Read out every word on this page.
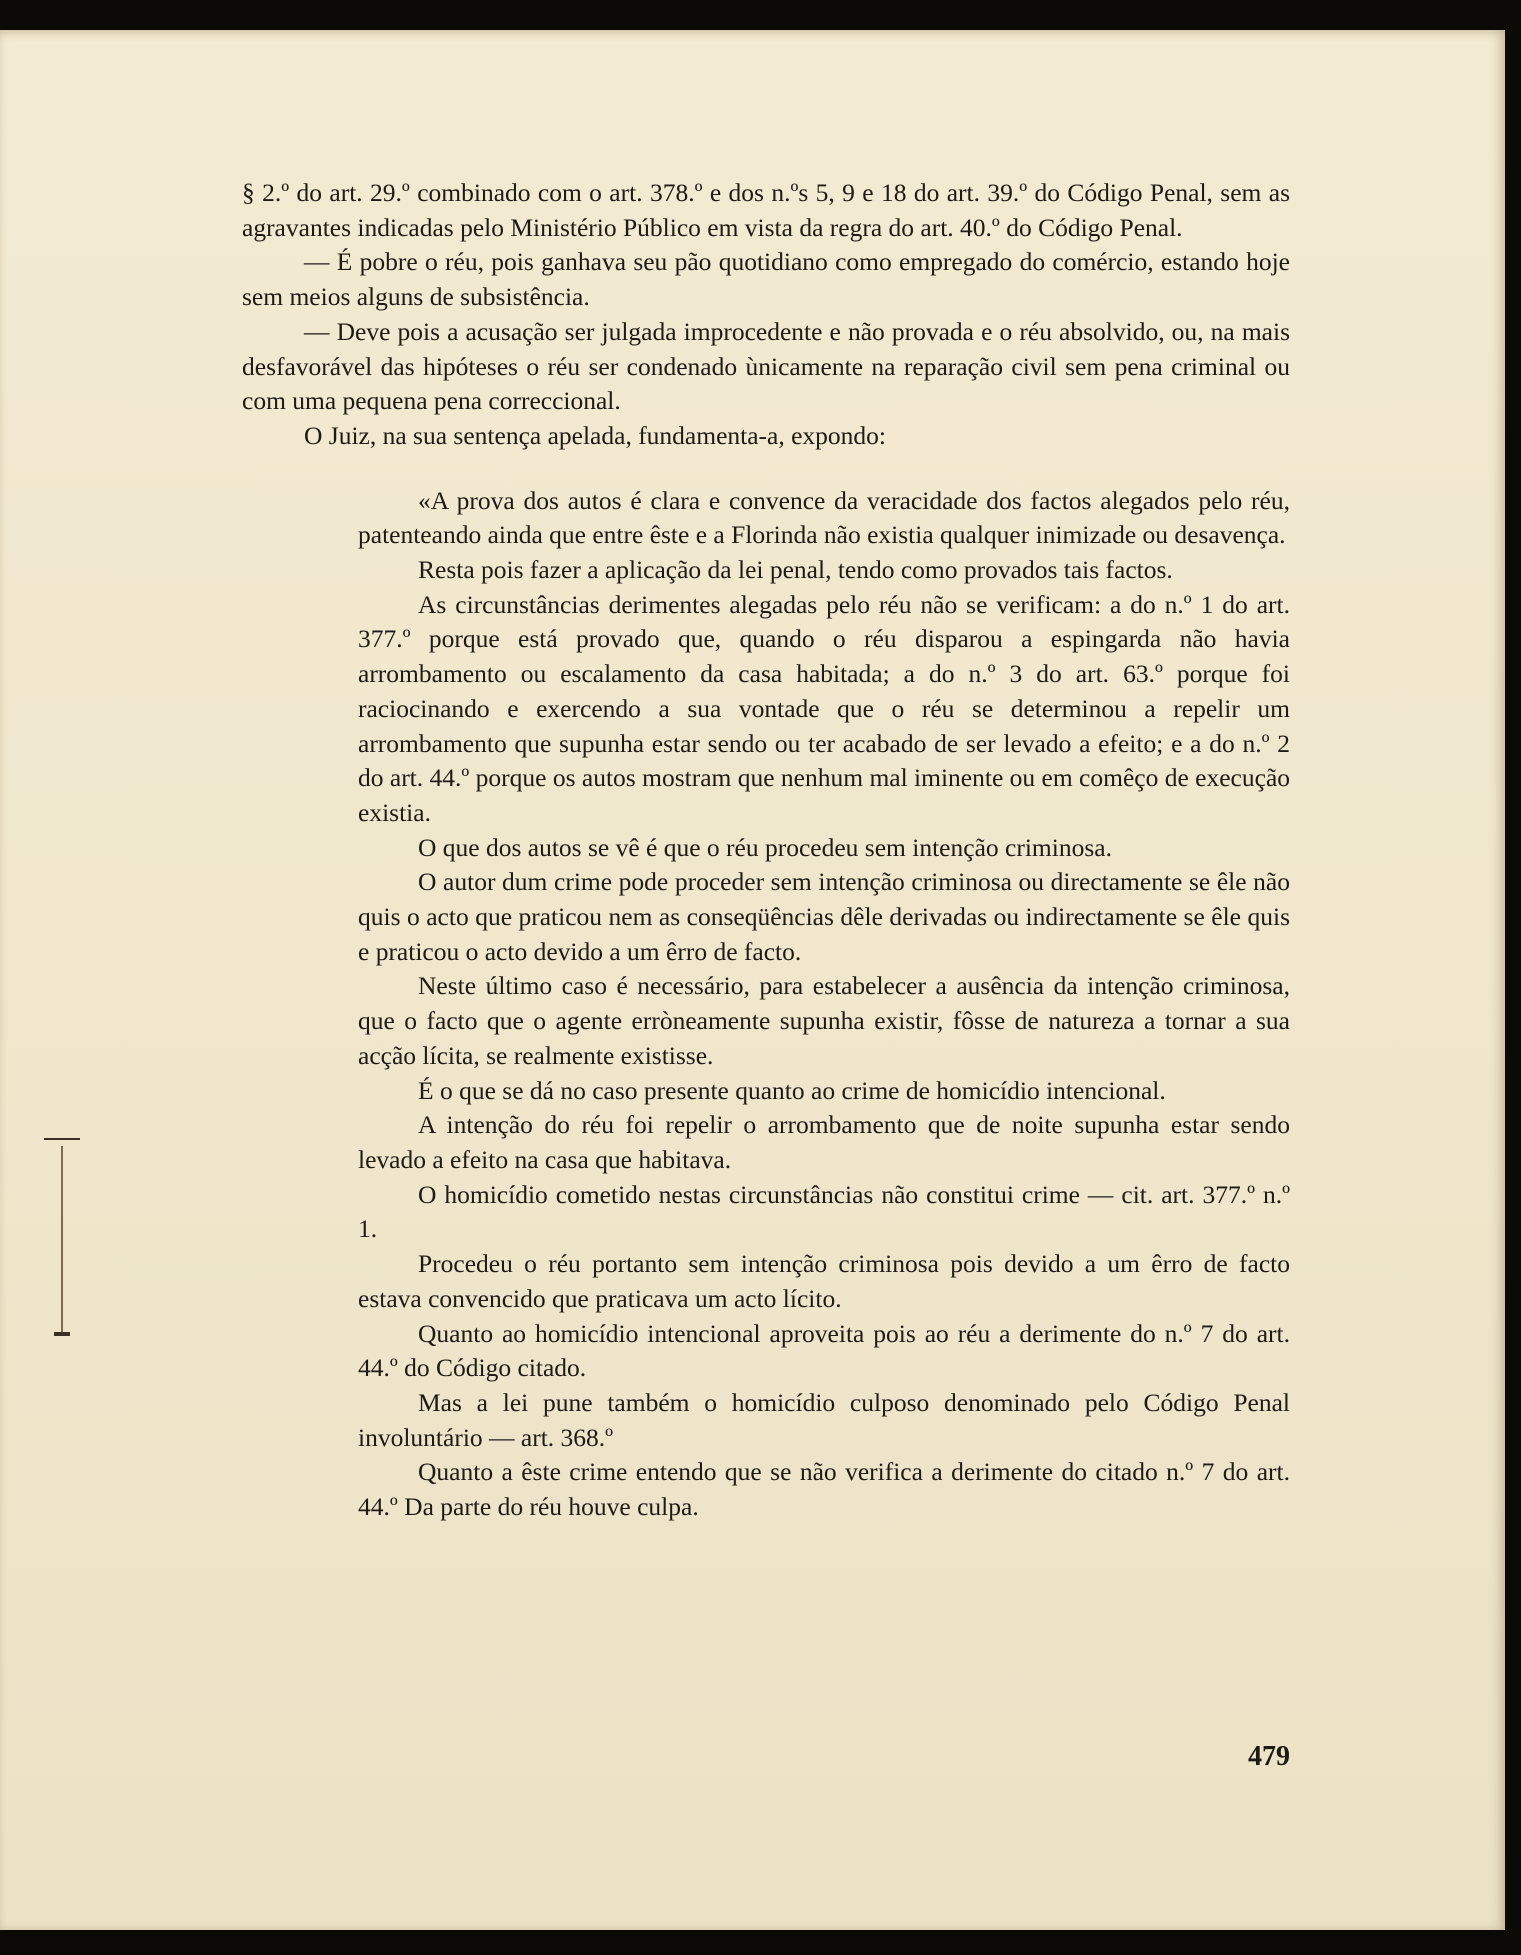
§ 2.º do art. 29.º combinado com o art. 378.º e dos n.ºs 5, 9 e 18 do art. 39.º do Código Penal, sem as agravantes indicadas pelo Ministério Público em vista da regra do art. 40.º do Código Penal.

— É pobre o réu, pois ganhava seu pão quotidiano como empregado do comércio, estando hoje sem meios alguns de subsistência.

— Deve pois a acusação ser julgada improcedente e não provada e o réu absolvido, ou, na mais desfavorável das hipóteses o réu ser condenado ùnicamente na reparação civil sem pena criminal ou com uma pequena pena correccional.

O Juiz, na sua sentença apelada, fundamenta-a, expondo:

«A prova dos autos é clara e convence da veracidade dos factos alegados pelo réu, patenteando ainda que entre êste e a Florinda não existia qualquer inimizade ou desavença.

Resta pois fazer a aplicação da lei penal, tendo como provados tais factos.

As circunstâncias derimentes alegadas pelo réu não se verificam: a do n.º 1 do art. 377.º porque está provado que, quando o réu disparou a espingarda não havia arrombamento ou escalamento da casa habitada; a do n.º 3 do art. 63.º porque foi raciocinando e exercendo a sua vontade que o réu se determinou a repelir um arrombamento que supunha estar sendo ou ter acabado de ser levado a efeito; e a do n.º 2 do art. 44.º porque os autos mostram que nenhum mal iminente ou em comêço de execução existia.

O que dos autos se vê é que o réu procedeu sem intenção criminosa.

O autor dum crime pode proceder sem intenção criminosa ou directamente se êle não quis o acto que praticou nem as conseqüências dêle derivadas ou indirectamente se êle quis e praticou o acto devido a um êrro de facto.

Neste último caso é necessário, para estabelecer a ausência da intenção criminosa, que o facto que o agente erròneamente supunha existir, fôsse de natureza a tornar a sua acção lícita, se realmente existisse.

É o que se dá no caso presente quanto ao crime de homicídio intencional.

A intenção do réu foi repelir o arrombamento que de noite supunha estar sendo levado a efeito na casa que habitava.

O homicídio cometido nestas circunstâncias não constitui crime — cit. art. 377.º n.º 1.

Procedeu o réu portanto sem intenção criminosa pois devido a um êrro de facto estava convencido que praticava um acto lícito.

Quanto ao homicídio intencional aproveita pois ao réu a derimente do n.º 7 do art. 44.º do Código citado.

Mas a lei pune também o homicídio culposo denominado pelo Código Penal involuntário — art. 368.º

Quanto a êste crime entendo que se não verifica a derimente do citado n.º 7 do art. 44.º Da parte do réu houve culpa.

479
